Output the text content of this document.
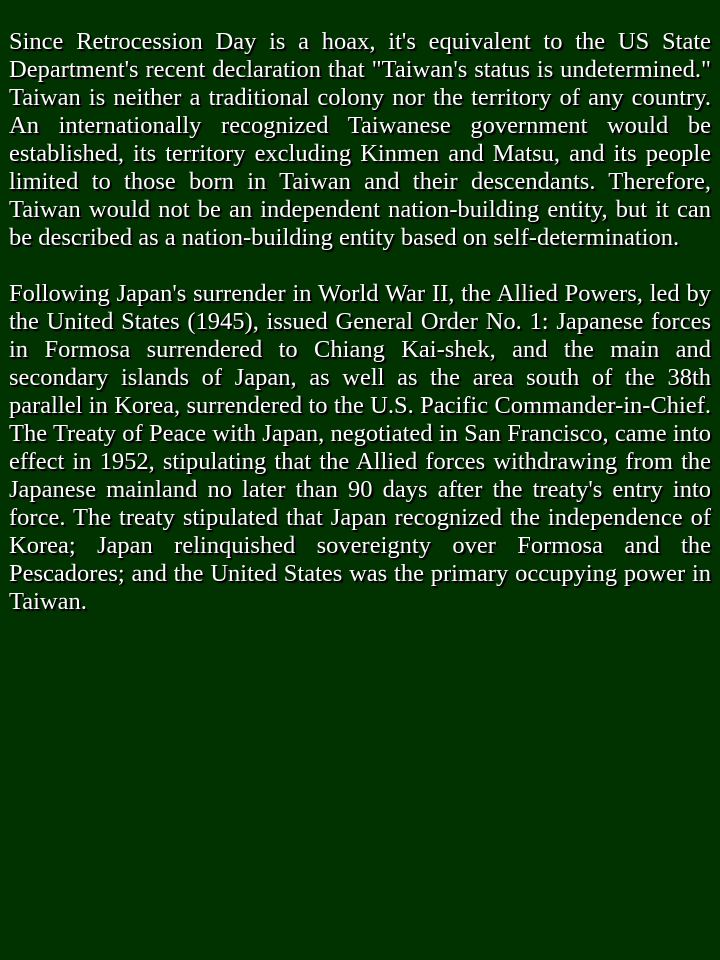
Since Retrocession Day is a hoax, it's equivalent to the US State Department's recent declaration that "Taiwan's status is undetermined." Taiwan is neither a traditional colony nor the territory of any country. An internationally recognized Taiwanese government would be established, its territory excluding Kinmen and Matsu, and its people limited to those born in Taiwan and their descendants. Therefore, Taiwan would not be an independent nation-building entity, but it can be described as a nation-building entity based on self-determination.

Following Japan's surrender in World War II, the Allied Powers, led by the United States (1945), issued General Order No. 1: Japanese forces in Formosa surrendered to Chiang Kai-shek, and the main and secondary islands of Japan, as well as the area south of the 38th parallel in Korea, surrendered to the U.S. Pacific Commander-in-Chief. The Treaty of Peace with Japan, negotiated in San Francisco, came into effect in 1952, stipulating that the Allied forces withdrawing from the Japanese mainland no later than 90 days after the treaty's entry into force. The treaty stipulated that Japan recognized the independence of Korea; Japan relinquished sovereignty over Formosa and the Pescadores; and the United States was the primary occupying power in Taiwan.
